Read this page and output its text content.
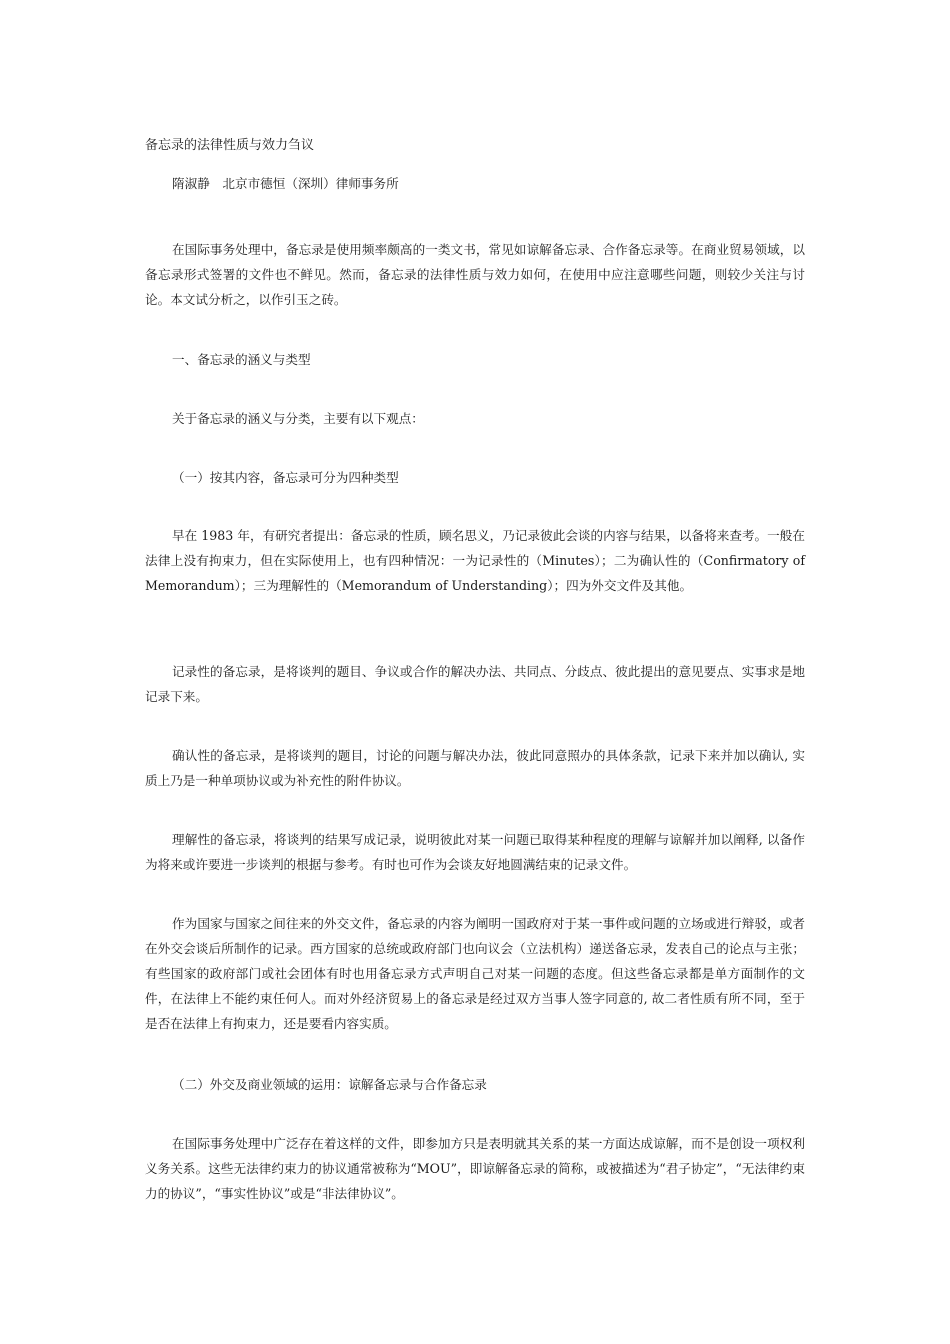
备忘录的法律性质与效力刍议
隋淑静　北京市德恒（深圳）律师事务所
在国际事务处理中，备忘录是使用频率颇高的一类文书，常见如谅解备忘录、合作备忘录等。在商业贸易领域，以备忘录形式签署的文件也不鲜见。然而，备忘录的法律性质与效力如何，在使用中应注意哪些问题，则较少关注与讨论。本文试分析之，以作引玉之砖。
一、备忘录的涵义与类型
关于备忘录的涵义与分类，主要有以下观点：
（一）按其内容，备忘录可分为四种类型
早在 1983 年，有研究者提出：备忘录的性质，顾名思义，乃记录彼此会谈的内容与结果，以备将来查考。一般在法律上没有拘束力，但在实际使用上，也有四种情况：一为记录性的（Minutes）；二为确认性的（Confirmatory of Memorandum）；三为理解性的（Memorandum of Understanding）；四为外交文件及其他。
记录性的备忘录，是将谈判的题目、争议或合作的解决办法、共同点、分歧点、彼此提出的意见要点、实事求是地记录下来。
确认性的备忘录，是将谈判的题目，讨论的问题与解决办法，彼此同意照办的具体条款，记录下来并加以确认, 实质上乃是一种单项协议或为补充性的附件协议。
理解性的备忘录，将谈判的结果写成记录，说明彼此对某一问题已取得某种程度的理解与谅解并加以阐释, 以备作为将来或许要进一步谈判的根据与参考。有时也可作为会谈友好地圆满结束的记录文件。
作为国家与国家之间往来的外交文件，备忘录的内容为阐明一国政府对于某一事件或问题的立场或进行辩驳，或者在外交会谈后所制作的记录。西方国家的总统或政府部门也向议会（立法机构）递送备忘录，发表自己的论点与主张；有些国家的政府部门或社会团体有时也用备忘录方式声明自己对某一问题的态度。但这些备忘录都是单方面制作的文件，在法律上不能约束任何人。而对外经济贸易上的备忘录是经过双方当事人签字同意的, 故二者性质有所不同，至于是否在法律上有拘束力，还是要看内容实质。
（二）外交及商业领域的运用：谅解备忘录与合作备忘录
在国际事务处理中广泛存在着这样的文件，即参加方只是表明就其关系的某一方面达成谅解，而不是创设一项权利义务关系。这些无法律约束力的协议通常被称为“MOU”，即谅解备忘录的简称，或被描述为“君子协定”，“无法律约束力的协议”，“事实性协议”或是“非法律协议”。
